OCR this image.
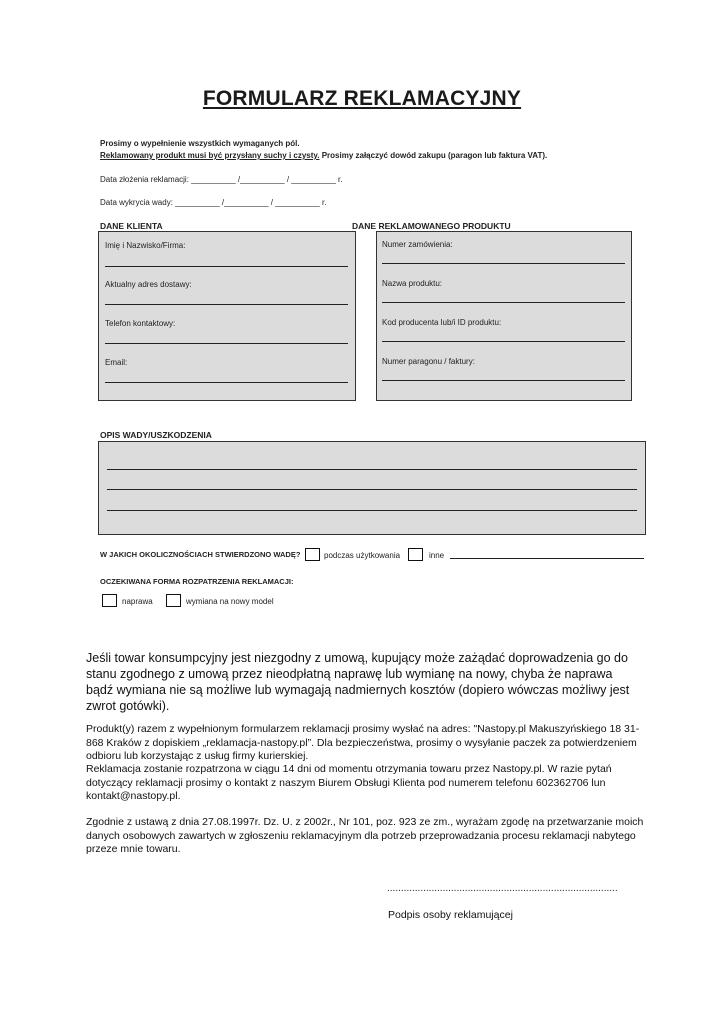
FORMULARZ REKLAMACYJNY
Prosimy o wypełnienie wszystkich wymaganych pól.
Reklamowany produkt musi być przysłany suchy i czysty. Prosimy załączyć dowód zakupu (paragon lub faktura VAT).
Data złożenia reklamacji: __________ /__________ / __________ r.
Data wykrycia wady: __________ /__________ / __________ r.
DANE KLIENTA	DANE REKLAMOWANEGO PRODUKTU
Imię i Nazwisko/Firma:
Aktualny adres dostawy:
Telefon kontaktowy:
Email:
Numer zamówienia:
Nazwa produktu:
Kod producenta lub/i ID produktu:
Numer paragonu / faktury:
OPIS WADY/USZKODZENIA
W JAKICH OKOLICZNOŚCIACH STWIERDZONO WADĘ?	podczas użytkowania	inne
OCZEKIWANA FORMA ROZPATRZENIA REKLAMACJI:
naprawa	wymiana na nowy model
Jeśli towar konsumpcyjny jest niezgodny z umową, kupujący może zażądać doprowadzenia go do stanu zgodnego z umową przez nieodpłatną naprawę lub wymianę na nowy, chyba że naprawa bądź wymiana nie są możliwe lub wymagają nadmiernych kosztów (dopiero wówczas możliwy jest zwrot gotówki).
Produkt(y) razem z wypełnionym formularzem reklamacji prosimy wysłać na adres: "Nastopy.pl Makuszyńskiego 18 31-868 Kraków z dopiskiem „reklamacja-nastopy.pl”. Dla bezpieczeństwa, prosimy o wysyłanie paczek za potwierdzeniem odbioru lub korzystając z usług firmy kurierskiej.
Reklamacja zostanie rozpatrzona w ciągu 14 dni od momentu otrzymania towaru przez Nastopy.pl. W razie pytań dotyczący reklamacji prosimy o kontakt z naszym Biurem Obsługi Klienta pod numerem telefonu 602362706 lun kontakt@nastopy.pl.
Zgodnie z ustawą z dnia 27.08.1997r. Dz. U. z 2002r., Nr 101, poz. 923 ze zm., wyrażam zgodę na przetwarzanie moich danych osobowych zawartych w zgłoszeniu reklamacyjnym dla potrzeb przeprowadzania procesu reklamacji nabytego przeze mnie towaru.
...................................................................................
Podpis osoby reklamującej
